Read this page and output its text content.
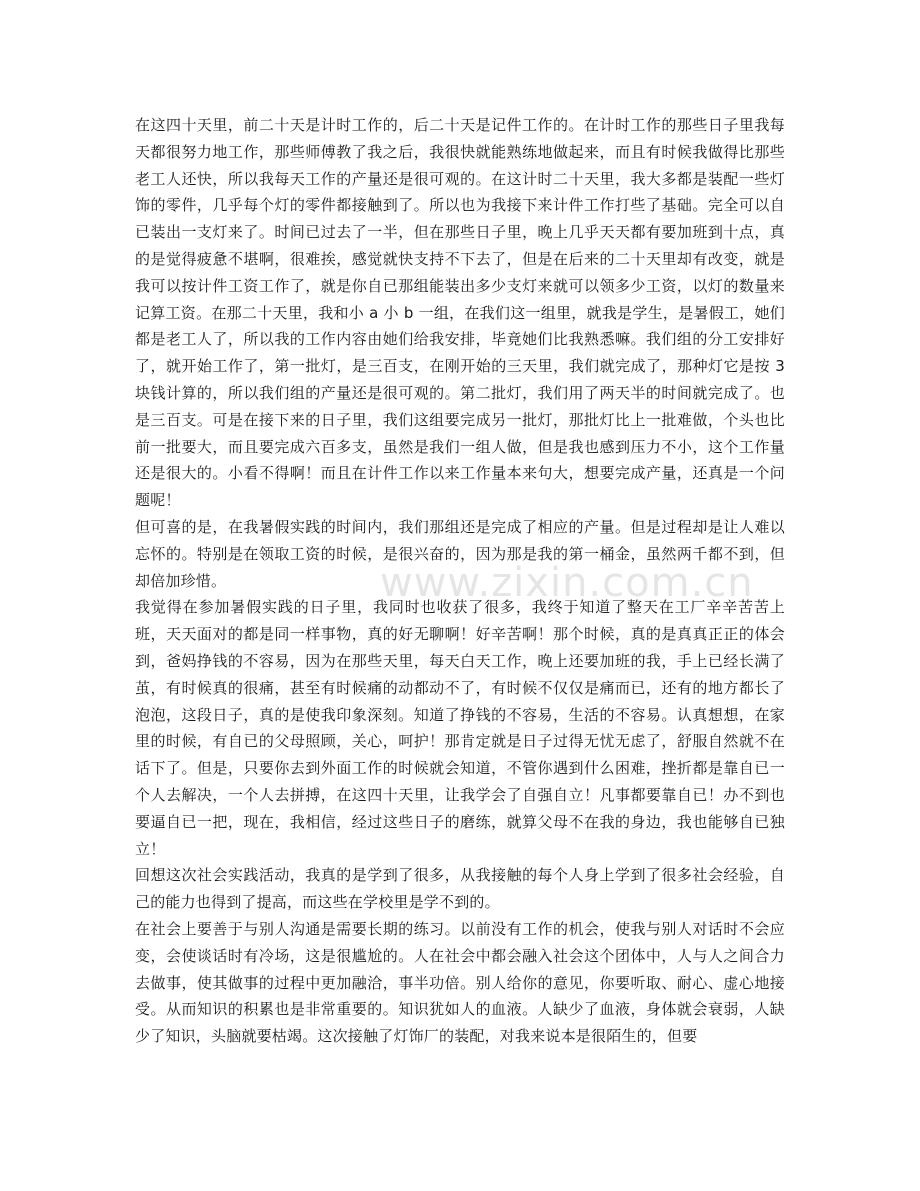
在这四十天里，前二十天是计时工作的，后二十天是记件工作的。在计时工作的那些日子里我每天都很努力地工作，那些师傅教了我之后，我很快就能熟练地做起来，而且有时候我做得比那些老工人还快，所以我每天工作的产量还是很可观的。在这计时二十天里，我大多都是装配一些灯饰的零件，几乎每个灯的零件都接触到了。所以也为我接下来计件工作打些了基础。完全可以自已装出一支灯来了。时间已过去了一半，但在那些日子里，晚上几乎天天都有要加班到十点，真的是觉得疲惫不堪啊，很难挨，感觉就快支持不下去了，但是在后来的二十天里却有改变，就是我可以按计件工资工作了，就是你自已那组能装出多少支灯来就可以领多少工资，以灯的数量来记算工资。在那二十天里，我和小 a 小 b 一组，在我们这一组里，就我是学生，是暑假工，她们都是老工人了，所以我的工作内容由她们给我安排，毕竟她们比我熟悉嘛。我们组的分工安排好了，就开始工作了，第一批灯，是三百支，在刚开始的三天里，我们就完成了，那种灯它是按 3 块钱计算的，所以我们组的产量还是很可观的。第二批灯，我们用了两天半的时间就完成了。也是三百支。可是在接下来的日子里，我们这组要完成另一批灯，那批灯比上一批难做，个头也比前一批要大，而且要完成六百多支，虽然是我们一组人做，但是我也感到压力不小，这个工作量还是很大的。小看不得啊！而且在计件工作以来工作量本来句大，想要完成产量，还真是一个问题呢！

但可喜的是，在我暑假实践的时间内，我们那组还是完成了相应的产量。但是过程却是让人难以忘怀的。特别是在领取工资的时候，是很兴奋的，因为那是我的第一桶金，虽然两千都不到，但却倍加珍惜。

我觉得在参加暑假实践的日子里，我同时也收获了很多，我终于知道了整天在工厂辛辛苦苦上班，天天面对的都是同一样事物，真的好无聊啊！好辛苦啊！那个时候，真的是真真正正的体会到，爸妈挣钱的不容易，因为在那些天里，每天白天工作，晚上还要加班的我，手上已经长满了茧，有时候真的很痛，甚至有时候痛的动都动不了，有时候不仅仅是痛而已，还有的地方都长了泡泡，这段日子，真的是使我印象深刻。知道了挣钱的不容易，生活的不容易。认真想想，在家里的时候，有自已的父母照顾，关心，呵护！那肯定就是日子过得无忧无虑了，舒服自然就不在话下了。但是，只要你去到外面工作的时候就会知道，不管你遇到什么困难，挫折都是靠自已一个人去解决，一个人去拼搏，在这四十天里，让我学会了自强自立！凡事都要靠自已！办不到也要逼自已一把，现在，我相信，经过这些日子的磨练，就算父母不在我的身边，我也能够自已独立！

回想这次社会实践活动，我真的是学到了很多，从我接触的每个人身上学到了很多社会经验，自己的能力也得到了提高，而这些在学校里是学不到的。

在社会上要善于与别人沟通是需要长期的练习。以前没有工作的机会，使我与别人对话时不会应变，会使谈话时有冷场，这是很尴尬的。人在社会中都会融入社会这个团体中，人与人之间合力去做事，使其做事的过程中更加融洽，事半功倍。别人给你的意见，你要听取、耐心、虚心地接受。从而知识的积累也是非常重要的。知识犹如人的血液。人缺少了血液，身体就会衰弱，人缺少了知识，头脑就要枯竭。这次接触了灯饰厂的装配，对我来说本是很陌生的，但要

www.zixin.com.cn
